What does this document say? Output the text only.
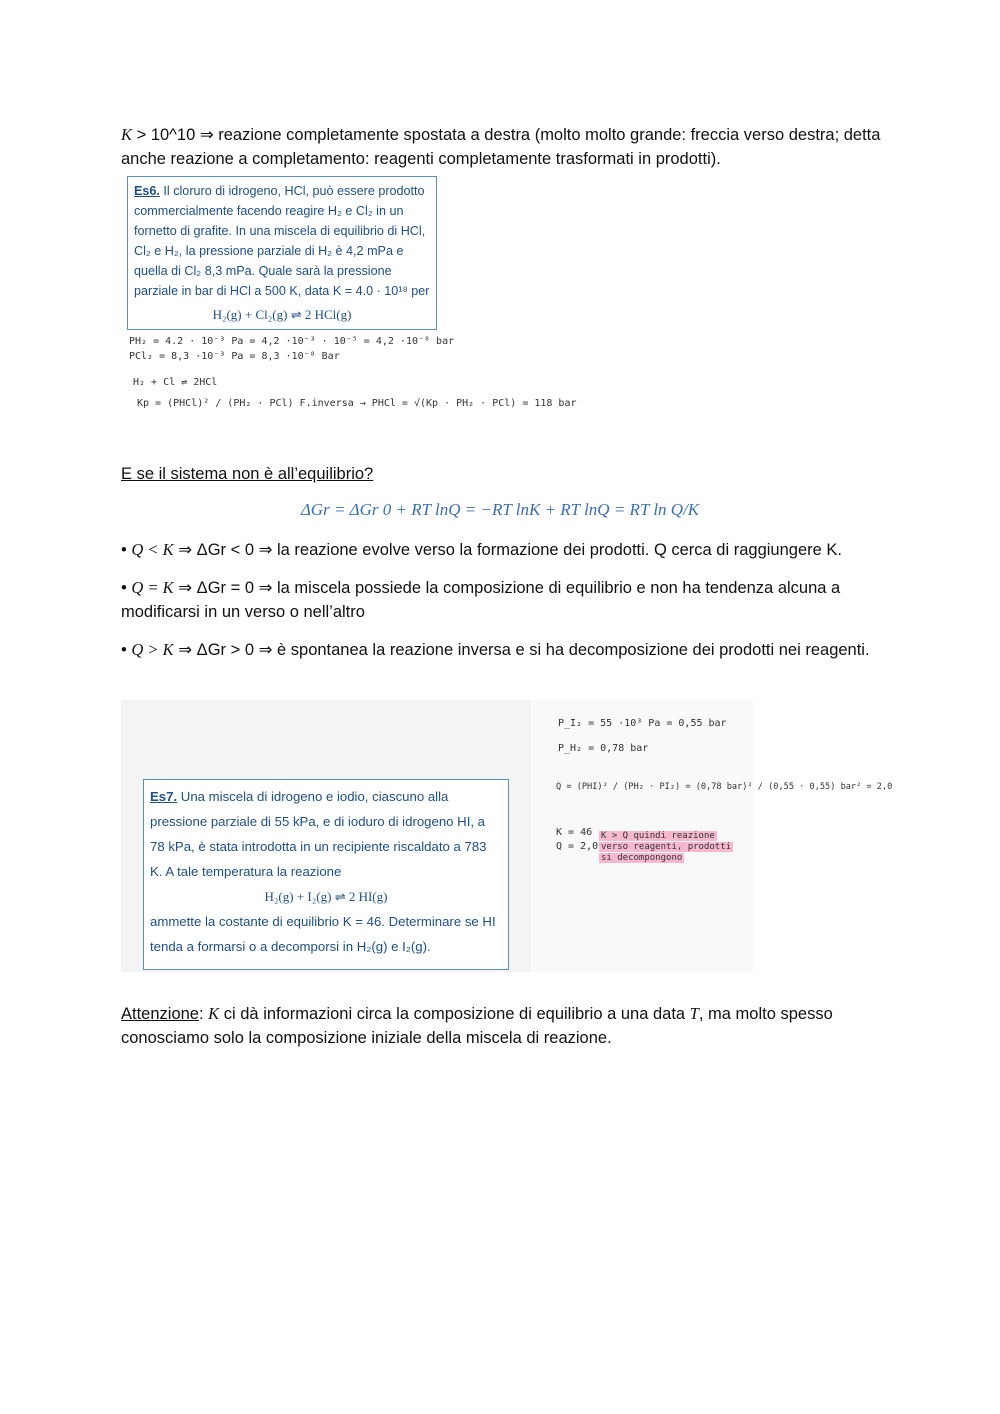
K > 10^10 ⇒ reazione completamente spostata a destra (molto molto grande: freccia verso destra; detta anche reazione a completamento: reagenti completamente trasformati in prodotti).
Es6. Il cloruro di idrogeno, HCl, può essere prodotto commercialmente facendo reagire H₂ e Cl₂ in un fornetto di grafite. In una miscela di equilibrio di HCl, Cl₂ e H₂, la pressione parziale di H₂ è 4,2 mPa e quella di Cl₂ 8,3 mPa. Quale sarà la pressione parziale in bar di HCl a 500 K, data K = 4.0 · 10¹⁸ per
H₂(g) + Cl₂(g) ⇌ 2 HCl(g)
PH₂ = 4.2 · 10⁻³ Pa = 4,2 ·10⁻³ · 10⁻⁵ = 4,2 ·10⁻⁸ bar
PCl₂ = 8,3 ·10⁻³ Pa = 8,3 ·10⁻⁸ Bar
H₂ + Cl ⇌ 2HCl
Kp = (PHCl)² / (PH₂ · PCl) F.inversa → PHCl = √(Kp · PH₂ · PCl) = 118 bar
E se il sistema non è all’equilibrio?
ΔGr = ΔGr 0 + RT lnQ = −RT lnK + RT lnQ = RT ln Q/K
• Q < K ⇒ ΔGr < 0 ⇒ la reazione evolve verso la formazione dei prodotti. Q cerca di raggiungere K.
• Q = K ⇒ ΔGr = 0 ⇒ la miscela possiede la composizione di equilibrio e non ha tendenza alcuna a modificarsi in un verso o nell’altro
• Q > K ⇒ ΔGr > 0 ⇒ è spontanea la reazione inversa e si ha decomposizione dei prodotti nei reagenti.
Es7. Una miscela di idrogeno e iodio, ciascuno alla pressione parziale di 55 kPa, e di ioduro di idrogeno HI, a 78 kPa, è stata introdotta in un recipiente riscaldato a 783 K. A tale temperatura la reazione
H₂(g) + I₂(g) ⇌ 2 HI(g)
ammette la costante di equilibrio K = 46. Determinare se HI tenda a formarsi o a decomporsi in H₂(g) e I₂(g).
P_I₂ = 55 ·10³ Pa = 0,55 bar
P_H₂ = 0,78 bar
Q = (PHI)² / (PH₂ · PI₂) = (0,78 bar)² / (0,55 · 0,55) bar² = 2,0
K = 46
Q = 2,0
K > Q quindi reazione
verso reagenti, prodotti
si decompongono
Attenzione: K ci dà informazioni circa la composizione di equilibrio a una data T, ma molto spesso conosciamo solo la composizione iniziale della miscela di reazione.
